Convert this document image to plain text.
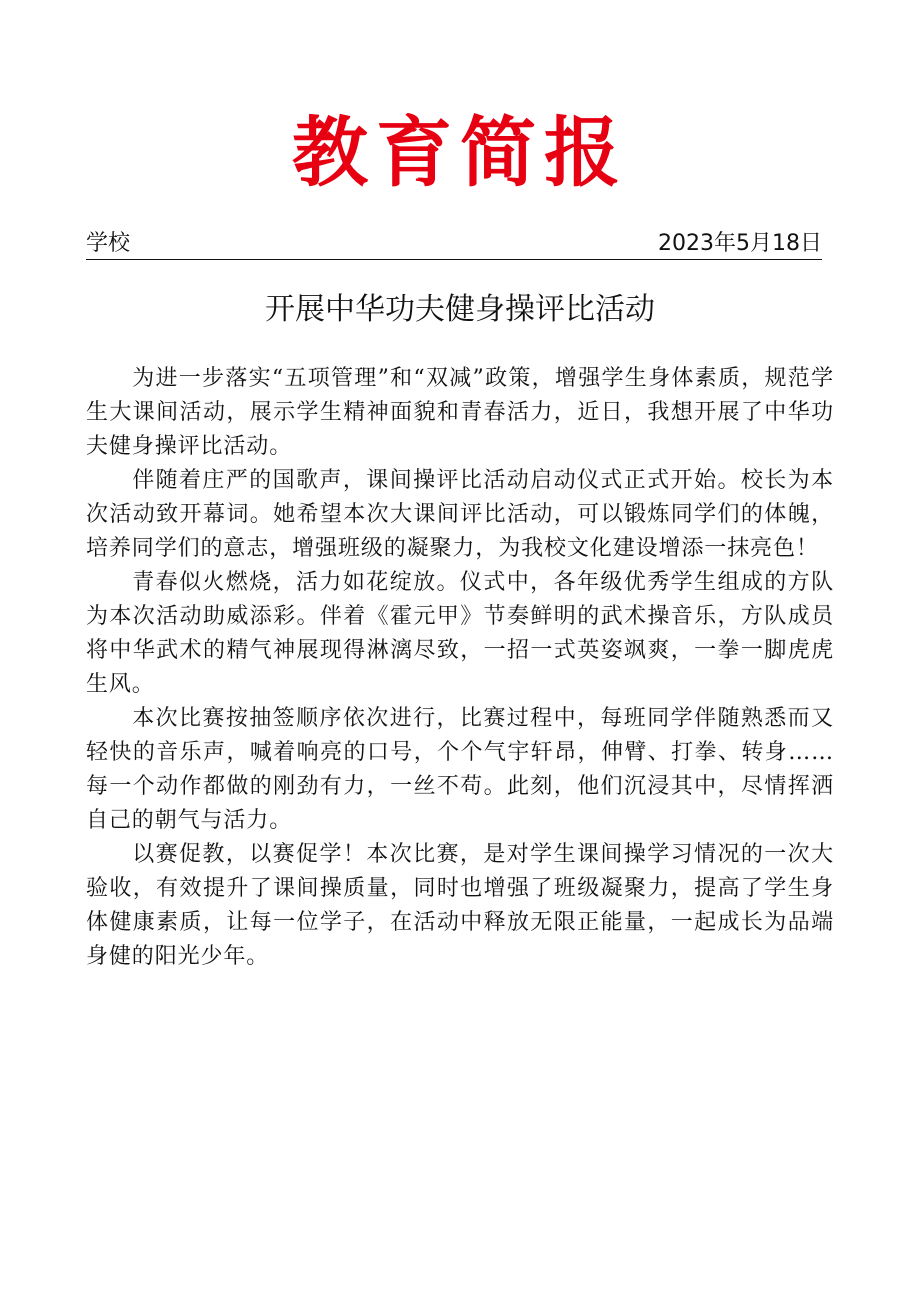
教育简报
学校	2023年5月18日
开展中华功夫健身操评比活动

为进一步落实“五项管理”和“双减”政策，增强学生身体素质，规范学生大课间活动，展示学生精神面貌和青春活力，近日，我想开展了中华功夫健身操评比活动。

伴随着庄严的国歌声，课间操评比活动启动仪式正式开始。校长为本次活动致开幕词。她希望本次大课间评比活动，可以锻炼同学们的体魄，培养同学们的意志，增强班级的凝聚力，为我校文化建设增添一抹亮色！

青春似火燃烧，活力如花绽放。仪式中，各年级优秀学生组成的方队为本次活动助威添彩。伴着《霍元甲》节奏鲜明的武术操音乐，方队成员将中华武术的精气神展现得淋漓尽致，一招一式英姿飒爽，一拳一脚虎虎生风。

本次比赛按抽签顺序依次进行，比赛过程中，每班同学伴随熟悉而又轻快的音乐声，喊着响亮的口号，个个气宇轩昂，伸臂、打拳、转身……每一个动作都做的刚劲有力，一丝不苟。此刻，他们沉浸其中，尽情挥洒自己的朝气与活力。

以赛促教，以赛促学！本次比赛，是对学生课间操学习情况的一次大验收，有效提升了课间操质量，同时也增强了班级凝聚力，提高了学生身体健康素质，让每一位学子，在活动中释放无限正能量，一起成长为品端身健的阳光少年。
